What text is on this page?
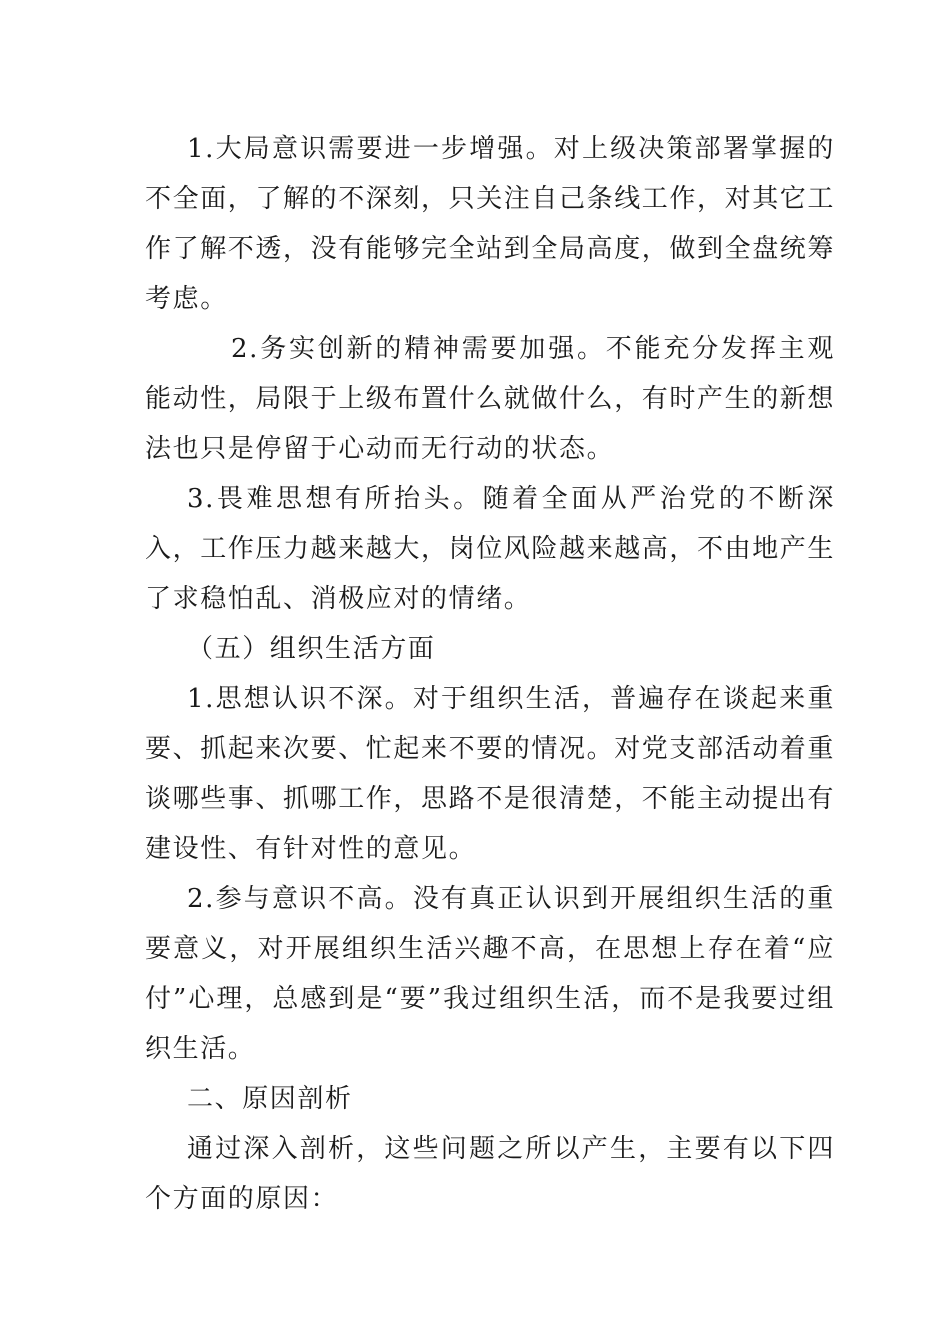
1.大局意识需要进一步增强。对上级决策部署掌握的不全面，了解的不深刻，只关注自己条线工作，对其它工作了解不透，没有能够完全站到全局高度，做到全盘统筹考虑。

2.务实创新的精神需要加强。不能充分发挥主观能动性，局限于上级布置什么就做什么，有时产生的新想法也只是停留于心动而无行动的状态。

3.畏难思想有所抬头。随着全面从严治党的不断深入，工作压力越来越大，岗位风险越来越高，不由地产生了求稳怕乱、消极应对的情绪。

（五）组织生活方面

1.思想认识不深。对于组织生活，普遍存在谈起来重要、抓起来次要、忙起来不要的情况。对党支部活动着重谈哪些事、抓哪工作，思路不是很清楚，不能主动提出有建设性、有针对性的意见。

2.参与意识不高。没有真正认识到开展组织生活的重要意义，对开展组织生活兴趣不高，在思想上存在着“应付”心理，总感到是“要”我过组织生活，而不是我要过组织生活。

二、原因剖析

通过深入剖析，这些问题之所以产生，主要有以下四个方面的原因：
